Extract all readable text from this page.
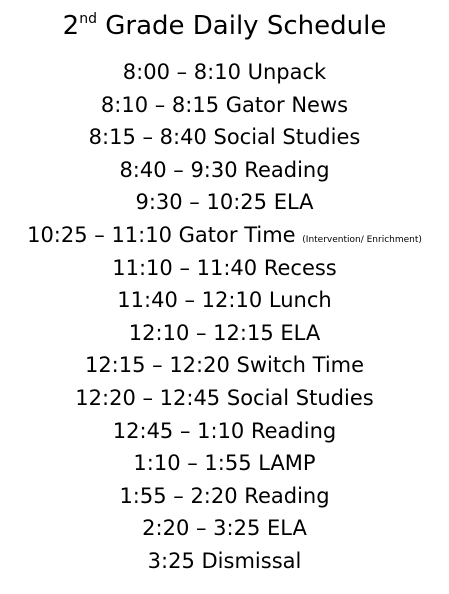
2nd Grade Daily Schedule
8:00 – 8:10 Unpack
8:10 – 8:15 Gator News
8:15 – 8:40 Social Studies
8:40 – 9:30 Reading
9:30 – 10:25 ELA
10:25 – 11:10 Gator Time (Intervention/ Enrichment)
11:10 – 11:40 Recess
11:40 – 12:10 Lunch
12:10 – 12:15 ELA
12:15 – 12:20 Switch Time
12:20 – 12:45 Social Studies
12:45 – 1:10 Reading
1:10 – 1:55 LAMP
1:55 – 2:20 Reading
2:20 – 3:25 ELA
3:25 Dismissal
